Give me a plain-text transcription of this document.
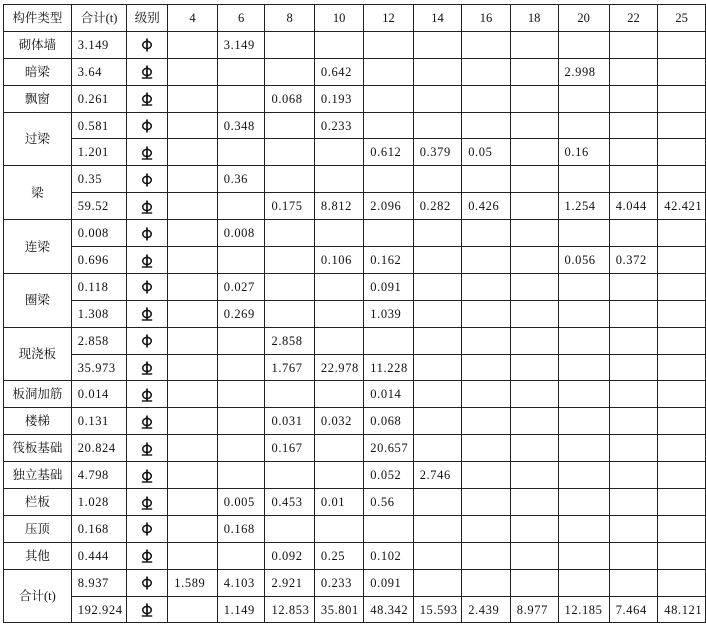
构件类型	合计(t)	级别	4	6	8	10	12	14	16	18	20	22	25
砌体墙	3.149			3.149									
暗梁	3.64					0.642					2.998		
飘窗	0.261				0.068	0.193							
过梁	0.581			0.348		0.233							
	1.201						0.612	0.379	0.05		0.16		
梁	0.35			0.36									
	59.52				0.175	8.812	2.096	0.282	0.426		1.254	4.044	42.421
连梁	0.008			0.008									
	0.696					0.106	0.162				0.056	0.372	
圈梁	0.118			0.027			0.091						
	1.308			0.269			1.039						
现浇板	2.858				2.858								
	35.973				1.767	22.978	11.228						
板洞加筋	0.014						0.014						
楼梯	0.131				0.031	0.032	0.068						
筏板基础	20.824				0.167		20.657						
独立基础	4.798						0.052	2.746					
栏板	1.028			0.005	0.453	0.01	0.56						
压顶	0.168			0.168									
其他	0.444				0.092	0.25	0.102						
合计(t)	8.937		1.589	4.103	2.921	0.233	0.091						
	192.924			1.149	12.853	35.801	48.342	15.593	2.439	8.977	12.185	7.464	48.121
